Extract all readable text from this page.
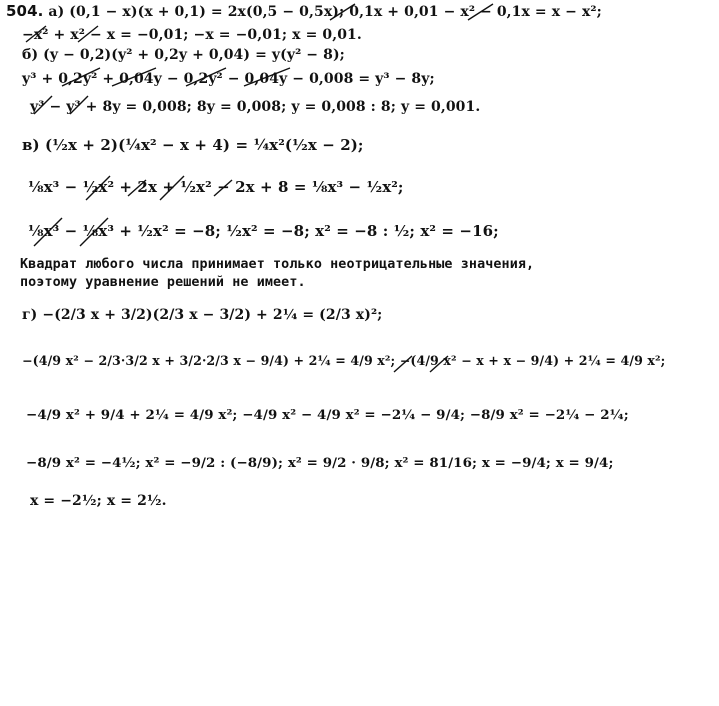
504. а) (0,1 − x)(x + 0,1) = 2x(0,5 − 0,5x); 0,1x + 0,01 − x² − 0,1x = x − x²;
−x² + x² − x = −0,01; −x = −0,01; x = 0,01.
б) (y − 0,2)(y² + 0,2y + 0,04) = y(y² − 8);
y³ + 0,2y² + 0,04y − 0,2y² − 0,04y − 0,008 = y³ − 8y;
y³ − y³ + 8y = 0,008; 8y = 0,008; y = 0,008 : 8; y = 0,001.
в) (½x + 2)(¼x² − x + 4) = ¼x²(½x − 2);
⅛x³ − ½x² + 2x + ½x² − 2x + 8 = ⅛x³ − ½x²;
⅛x³ − ⅛x³ + ½x² = −8; ½x² = −8; x² = −8 : ½; x² = −16;
Квадрат любого числа принимает только неотрицательные значения,
поэтому уравнение решений не имеет.
г) −(2/3 x + 3/2)(2/3 x − 3/2) + 2¼ = (2/3 x)²;
−(4/9 x² − 2/3·3/2 x + 3/2·2/3 x − 9/4) + 2¼ = 4/9 x²; −(4/9 x² − x + x − 9/4) + 2¼ = 4/9 x²;
−4/9 x² + 9/4 + 2¼ = 4/9 x²; −4/9 x² − 4/9 x² = −2¼ − 9/4; −8/9 x² = −2¼ − 2¼;
−8/9 x² = −4½; x² = −9/2 : (−8/9); x² = 9/2 · 9/8; x² = 81/16; x = −9/4; x = 9/4;
x = −2½; x = 2½.
